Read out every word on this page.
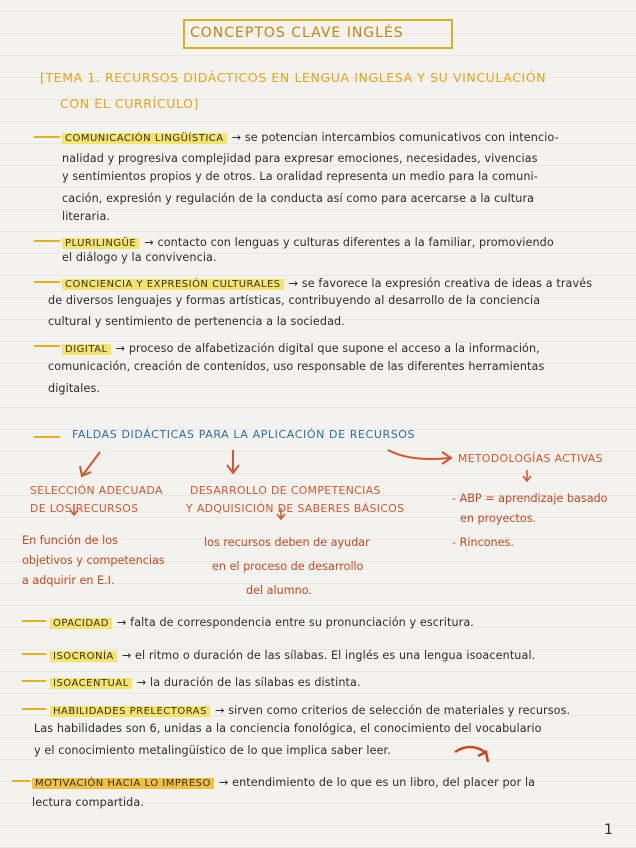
CONCEPTOS CLAVE INGLÉS
[TEMA 1. RECURSOS DIDÁCTICOS EN LENGUA INGLESA Y SU VINCULACIÓN
CON EL CURRÍCULO]
COMUNICACIÓN LINGÜÍSTICA → se potencian intercambios comunicativos con intencio-
nalidad y progresiva complejidad para expresar emociones, necesidades, vivencias
y sentimientos propios y de otros. La oralidad representa un medio para la comuni-
cación, expresión y regulación de la conducta así como para acercarse a la cultura
literaria.
PLURILINGÜE → contacto con lenguas y culturas diferentes a la familiar, promoviendo
el diálogo y la convivencia.
CONCIENCIA Y EXPRESIÓN CULTURALES → se favorece la expresión creativa de ideas a través
de diversos lenguajes y formas artísticas, contribuyendo al desarrollo de la conciencia
cultural y sentimiento de pertenencia a la sociedad.
DIGITAL → proceso de alfabetización digital que supone el acceso a la información,
comunicación, creación de contenidos, uso responsable de las diferentes herramientas
digitales.
FALDAS DIDÁCTICAS PARA LA APLICACIÓN DE RECURSOS
SELECCIÓN ADECUADA
DE LOS RECURSOS
En función de los
objetivos y competencias
a adquirir en E.I.
DESARROLLO DE COMPETENCIAS
Y ADQUISICIÓN DE SABERES BÁSICOS
los recursos deben de ayudar
en el proceso de desarrollo
del alumno.
METODOLOGÍAS ACTIVAS
- ABP = aprendizaje basado
en proyectos.
- Rincones.
OPACIDAD → falta de correspondencia entre su pronunciación y escritura.
ISOCRONÍA → el ritmo o duración de las sílabas. El inglés es una lengua isoacentual.
ISOACENTUAL → la duración de las sílabas es distinta.
HABILIDADES PRELECTORAS → sirven como criterios de selección de materiales y recursos.
Las habilidades son 6, unidas a la conciencia fonológica, el conocimiento del vocabulario
y el conocimiento metalingüístico de lo que implica saber leer.
MOTIVACIÓN HACIA LO IMPRESO → entendimiento de lo que es un libro, del placer por la
lectura compartida.
1
